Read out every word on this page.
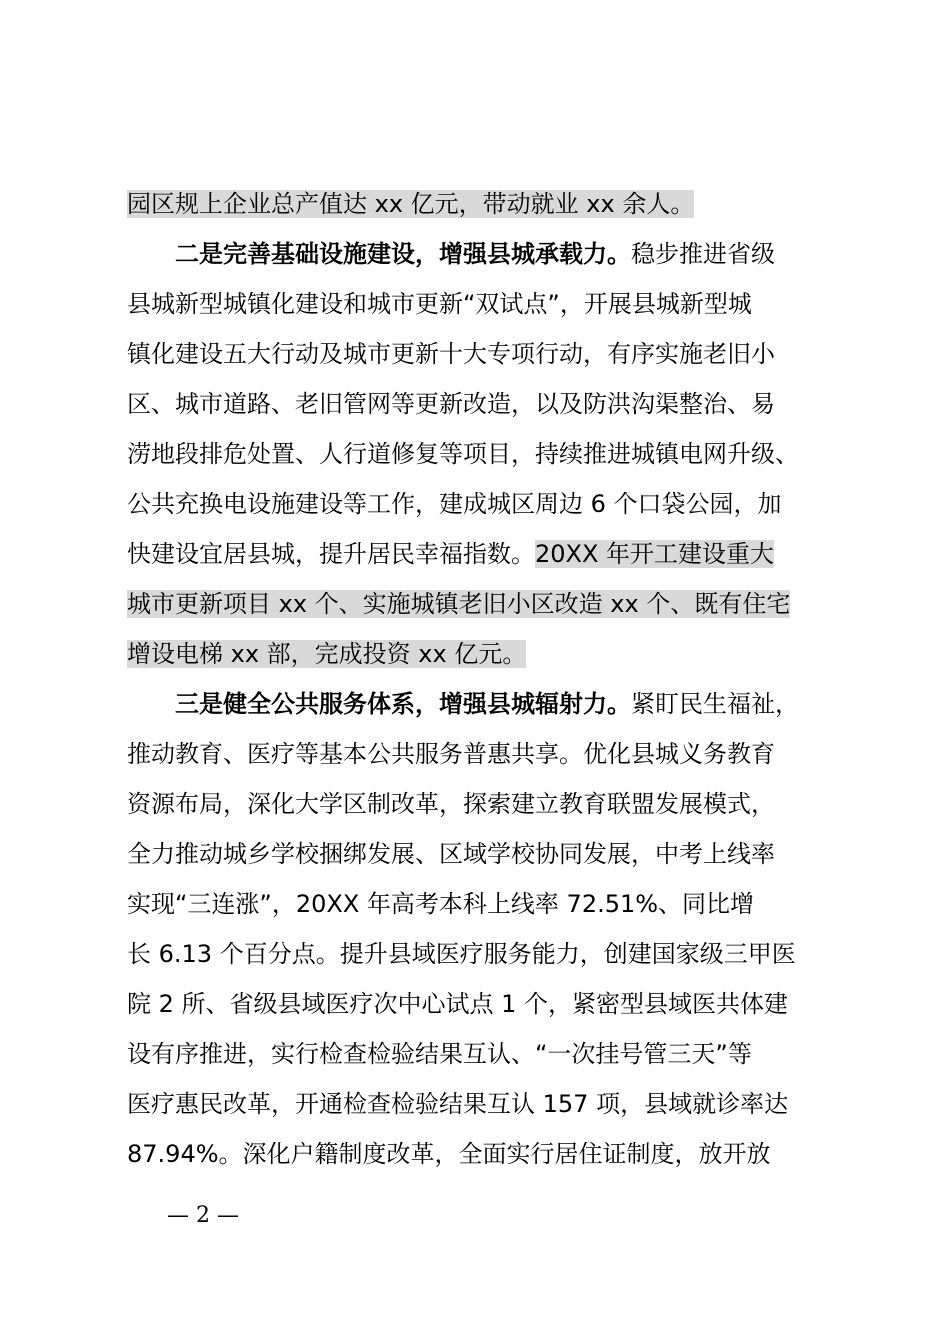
园区规上企业总产值达 xx 亿元，带动就业 xx 余人。
　　二是完善基础设施建设，增强县城承载力。稳步推进省级
县城新型城镇化建设和城市更新“双试点”，开展县城新型城
镇化建设五大行动及城市更新十大专项行动，有序实施老旧小
区、城市道路、老旧管网等更新改造，以及防洪沟渠整治、易
涝地段排危处置、人行道修复等项目，持续推进城镇电网升级、
公共充换电设施建设等工作，建成城区周边 6 个口袋公园，加
快建设宜居县城，提升居民幸福指数。20XX 年开工建设重大
城市更新项目 xx 个、实施城镇老旧小区改造 xx 个、既有住宅
增设电梯 xx 部，完成投资 xx 亿元。
　　三是健全公共服务体系，增强县城辐射力。紧盯民生福祉，
推动教育、医疗等基本公共服务普惠共享。优化县城义务教育
资源布局，深化大学区制改革，探索建立教育联盟发展模式，
全力推动城乡学校捆绑发展、区域学校协同发展，中考上线率
实现“三连涨”，20XX 年高考本科上线率 72.51%、同比增
长 6.13 个百分点。提升县域医疗服务能力，创建国家级三甲医
院 2 所、省级县域医疗次中心试点 1 个，紧密型县域医共体建
设有序推进，实行检查检验结果互认、“一次挂号管三天”等
医疗惠民改革，开通检查检验结果互认 157 项，县域就诊率达
87.94%。深化户籍制度改革，全面实行居住证制度，放开放
— 2 —
